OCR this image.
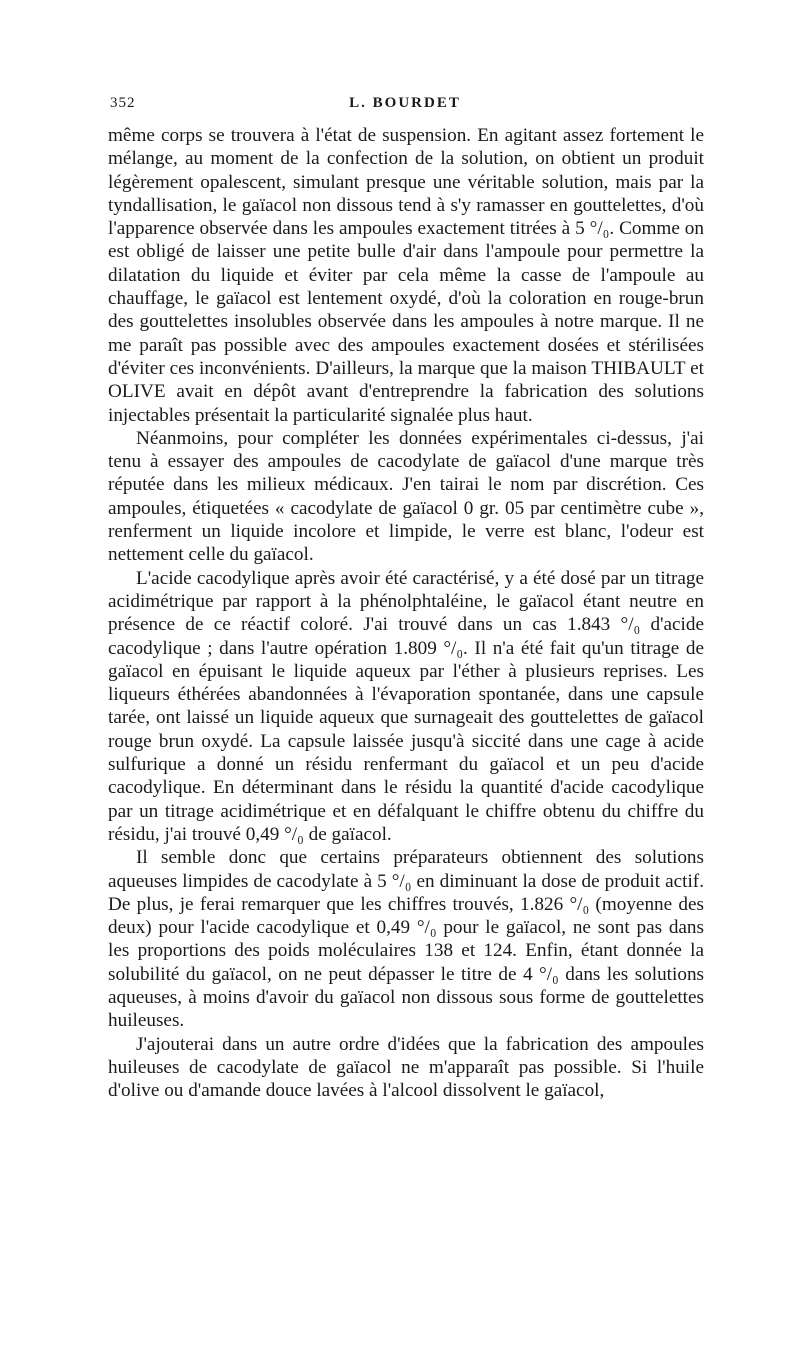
352	L. BOURDET

même corps se trouvera à l'état de suspension. En agitant assez fortement le mélange, au moment de la confection de la solution, on obtient un produit légèrement opalescent, simulant presque une véritable solution, mais par la tyndallisation, le gaïacol non dissous tend à s'y ramasser en gouttelettes, d'où l'apparence observée dans les ampoules exactement titrées à 5 °/₀. Comme on est obligé de laisser une petite bulle d'air dans l'ampoule pour permettre la dilatation du liquide et éviter par cela même la casse de l'ampoule au chauffage, le gaïacol est lentement oxydé, d'où la coloration en rouge-brun des gouttelettes insolubles observée dans les ampoules à notre marque. Il ne me paraît pas possible avec des ampoules exactement dosées et stérilisées d'éviter ces inconvénients. D'ailleurs, la marque que la maison THIBAULT et OLIVE avait en dépôt avant d'entreprendre la fabrication des solutions injectables présentait la particularité signalée plus haut.

Néanmoins, pour compléter les données expérimentales ci-dessus, j'ai tenu à essayer des ampoules de cacodylate de gaïacol d'une marque très réputée dans les milieux médicaux. J'en tairai le nom par discrétion. Ces ampoules, étiquetées « cacodylate de gaïacol 0 gr. 05 par centimètre cube », renferment un liquide incolore et limpide, le verre est blanc, l'odeur est nettement celle du gaïacol.

L'acide cacodylique après avoir été caractérisé, y a été dosé par un titrage acidimétrique par rapport à la phénolphtaléine, le gaïacol étant neutre en présence de ce réactif coloré. J'ai trouvé dans un cas 1.843 °/₀ d'acide cacodylique ; dans l'autre opération 1.809 °/₀. Il n'a été fait qu'un titrage de gaïacol en épuisant le liquide aqueux par l'éther à plusieurs reprises. Les liqueurs éthérées abandonnées à l'évaporation spontanée, dans une capsule tarée, ont laissé un liquide aqueux que surnageait des gouttelettes de gaïacol rouge brun oxydé. La capsule laissée jusqu'à siccité dans une cage à acide sulfurique a donné un résidu renfermant du gaïacol et un peu d'acide cacodylique. En déterminant dans le résidu la quantité d'acide cacodylique par un titrage acidimétrique et en défalquant le chiffre obtenu du chiffre du résidu, j'ai trouvé 0,49 °/₀ de gaïacol.

Il semble donc que certains préparateurs obtiennent des solutions aqueuses limpides de cacodylate à 5 °/₀ en diminuant la dose de produit actif. De plus, je ferai remarquer que les chiffres trouvés, 1.826 °/₀ (moyenne des deux) pour l'acide cacodylique et 0,49 °/₀ pour le gaïacol, ne sont pas dans les proportions des poids moléculaires 138 et 124. Enfin, étant donnée la solubilité du gaïacol, on ne peut dépasser le titre de 4 °/₀ dans les solutions aqueuses, à moins d'avoir du gaïacol non dissous sous forme de gouttelettes huileuses.

J'ajouterai dans un autre ordre d'idées que la fabrication des ampoules huileuses de cacodylate de gaïacol ne m'apparaît pas possible. Si l'huile d'olive ou d'amande douce lavées à l'alcool dissolvent le gaïacol,
